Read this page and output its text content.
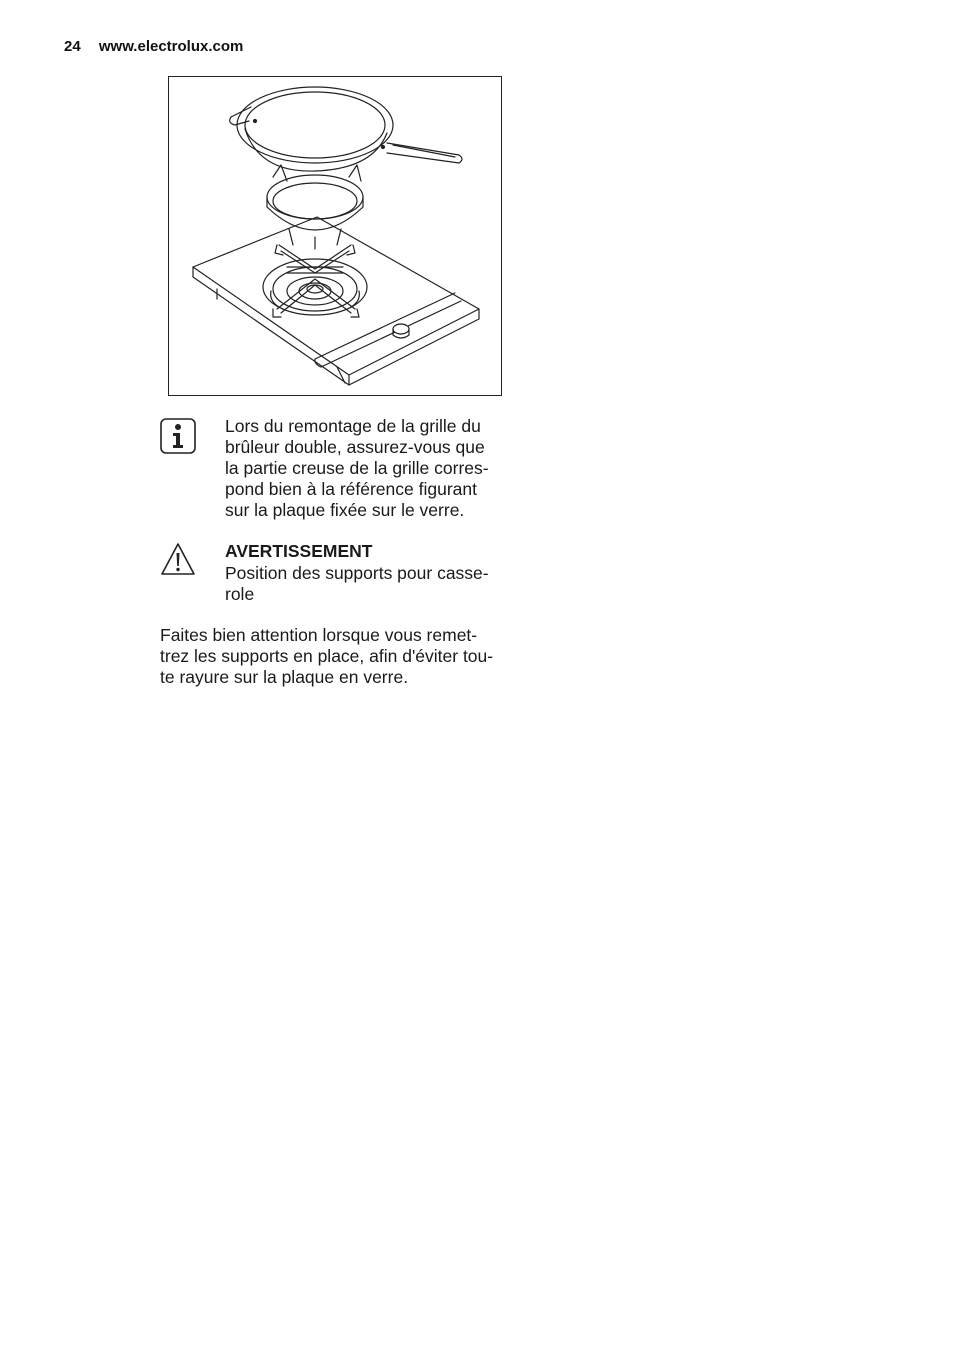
24 www.electrolux.com

Lors du remontage de la grille du

brûleur double, assurez-vous que

la partie creuse de la grille corres-

pond bien à la référence figurant

sur la plaque fixée sur le verre.

AVERTISSEMENT

Position des supports pour casse-

role

Faites bien attention lorsque vous remet-

trez les supports en place, afin d'éviter tou-

te rayure sur la plaque en verre.
